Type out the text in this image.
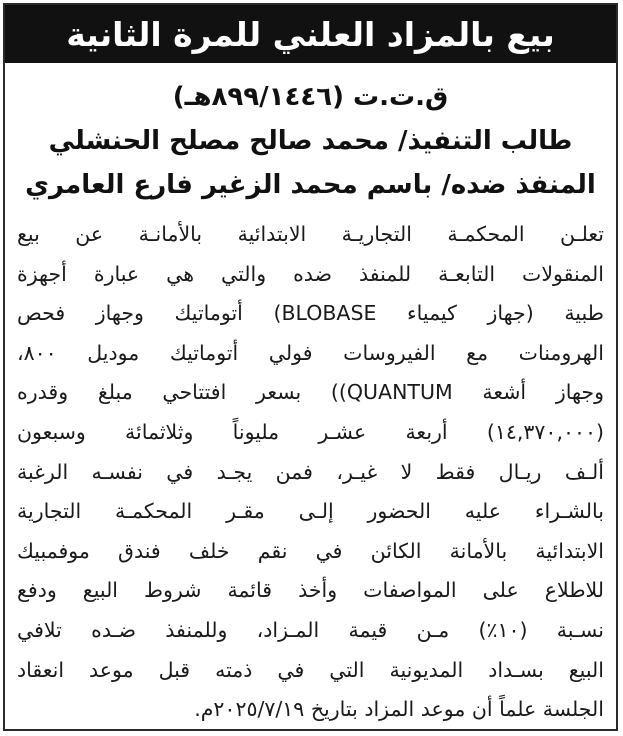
بيع بالمزاد العلني للمرة الثانية
ق.ت.ت (٨٩٩/١٤٤٦هـ)
طالب التنفيذ/ محمد صالح مصلح الحنشلي
المنفذ ضده/ باسم محمد الزغير فارع العامري
تعلـن المحكمـة التجاريـة الابتدائية بالأمانـة عن بيع
المنقولات التابعـة للمنفذ ضده والتي هي عبارة أجهزة
طبية (جهاز كيمياء BLOBASE) أتوماتيك وجهاز فحص
الهرومنات مع الفيروسات فولي أتوماتيك موديل ٨٠٠،
وجهاز أشعة QUANTUM)) بسعر افتتاحي مبلغ وقدره
(١٤,٣٧٠,٠٠٠) أربعة عشـر مليوناً وثلاثمائة وسبعون
ألـف ريـال فقط لا غيـر، فمن يجـد في نفسـه الرغبة
بالشـراء عليه الحضور إلـى مقـر المحكمـة التجارية
الابتدائية بالأمانة الكائن في نقم خلف فندق موفمبيك
للاطلاع على المواصفات وأخذ قائمة شروط البيع ودفع
نسـبة (١٠٪) مـن قيمة المـزاد، وللمنفذ ضـده تلافي
البيع بسـداد المديونية التي في ذمته قبل موعد انعقاد
الجلسة علماً أن موعد المزاد بتاريخ ٢٠٢٥/٧/١٩م.
